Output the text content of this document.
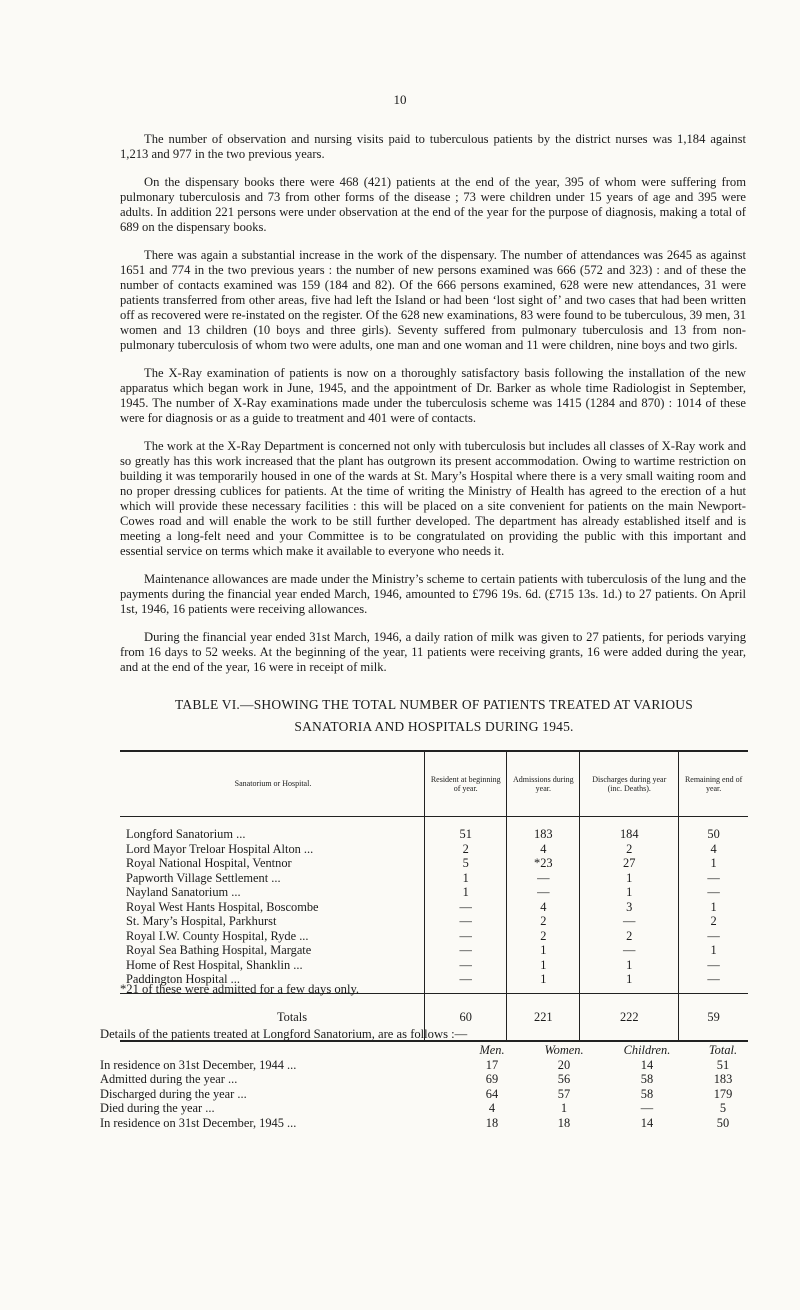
10

The number of observation and nursing visits paid to tuberculous patients by the district nurses was 1,184 against 1,213 and 977 in the two previous years.

On the dispensary books there were 468 (421) patients at the end of the year, 395 of whom were suffering from pulmonary tuberculosis and 73 from other forms of the disease ; 73 were children under 15 years of age and 395 were adults. In addition 221 persons were under observation at the end of the year for the purpose of diagnosis, making a total of 689 on the dispensary books.

There was again a substantial increase in the work of the dispensary. The number of attendances was 2645 as against 1651 and 774 in the two previous years : the number of new persons examined was 666 (572 and 323) : and of these the number of contacts examined was 159 (184 and 82). Of the 666 persons examined, 628 were new attendances, 31 were patients transferred from other areas, five had left the Island or had been ‘lost sight of’ and two cases that had been written off as recovered were re-instated on the register. Of the 628 new examinations, 83 were found to be tuberculous, 39 men, 31 women and 13 children (10 boys and three girls). Seventy suffered from pulmonary tuberculosis and 13 from non-pulmonary tuberculosis of whom two were adults, one man and one woman and 11 were children, nine boys and two girls.

The X-Ray examination of patients is now on a thoroughly satisfactory basis following the installation of the new apparatus which began work in June, 1945, and the appointment of Dr. Barker as whole time Radiologist in September, 1945. The number of X-Ray examinations made under the tuberculosis scheme was 1415 (1284 and 870) : 1014 of these were for diagnosis or as a guide to treatment and 401 were of contacts.

The work at the X-Ray Department is concerned not only with tuberculosis but includes all classes of X-Ray work and so greatly has this work increased that the plant has outgrown its present accommodation. Owing to wartime restriction on building it was temporarily housed in one of the wards at St. Mary’s Hospital where there is a very small waiting room and no proper dressing cublices for patients. At the time of writing the Ministry of Health has agreed to the erection of a hut which will provide these necessary facilities : this will be placed on a site convenient for patients on the main Newport-Cowes road and will enable the work to be still further developed. The department has already established itself and is meeting a long-felt need and your Committee is to be congratulated on providing the public with this important and essential service on terms which make it available to everyone who needs it.

Maintenance allowances are made under the Ministry’s scheme to certain patients with tuberculosis of the lung and the payments during the financial year ended March, 1946, amounted to £796 19s. 6d. (£715 13s. 1d.) to 27 patients. On April 1st, 1946, 16 patients were receiving allowances.

During the financial year ended 31st March, 1946, a daily ration of milk was given to 27 patients, for periods varying from 16 days to 52 weeks. At the beginning of the year, 11 patients were receiving grants, 16 were added during the year, and at the end of the year, 16 were in receipt of milk.

TABLE VI.—SHOWING THE TOTAL NUMBER OF PATIENTS TREATED AT VARIOUS
SANATORIA AND HOSPITALS DURING 1945.
Sanatorium or Hospital.	Resident at beginning of year.	Admissions during year.	Discharges during year (inc. Deaths).	Remaining end of year.

Longford Sanatorium ...	51	183	184	50
Lord Mayor Treloar Hospital Alton ...	2	4	2	4
Royal National Hospital, Ventnor	5	*23	27	1
Papworth Village Settlement ...	1	—	1	—
Nayland Sanatorium ...	1	—	1	—
Royal West Hants Hospital, Boscombe	—	4	3	1
St. Mary’s Hospital, Parkhurst	—	2	—	2
Royal I.W. County Hospital, Ryde ...	—	2	2	—
Royal Sea Bathing Hospital, Margate	—	1	—	1
Home of Rest Hospital, Shanklin ...	—	1	1	—
Paddington Hospital ...	—	1	1	—
Totals	60	221	222	59
*21 of these were admitted for a few days only.
Details of the patients treated at Longford Sanatorium, are as follows :—
	Men.	Women.	Children.	Total.
In residence on 31st December, 1944 ...	17	20	14	51
Admitted during the year ...	69	56	58	183
Discharged during the year ...	64	57	58	179
Died during the year ...	4	1	—	5
In residence on 31st December, 1945 ...	18	18	14	50
